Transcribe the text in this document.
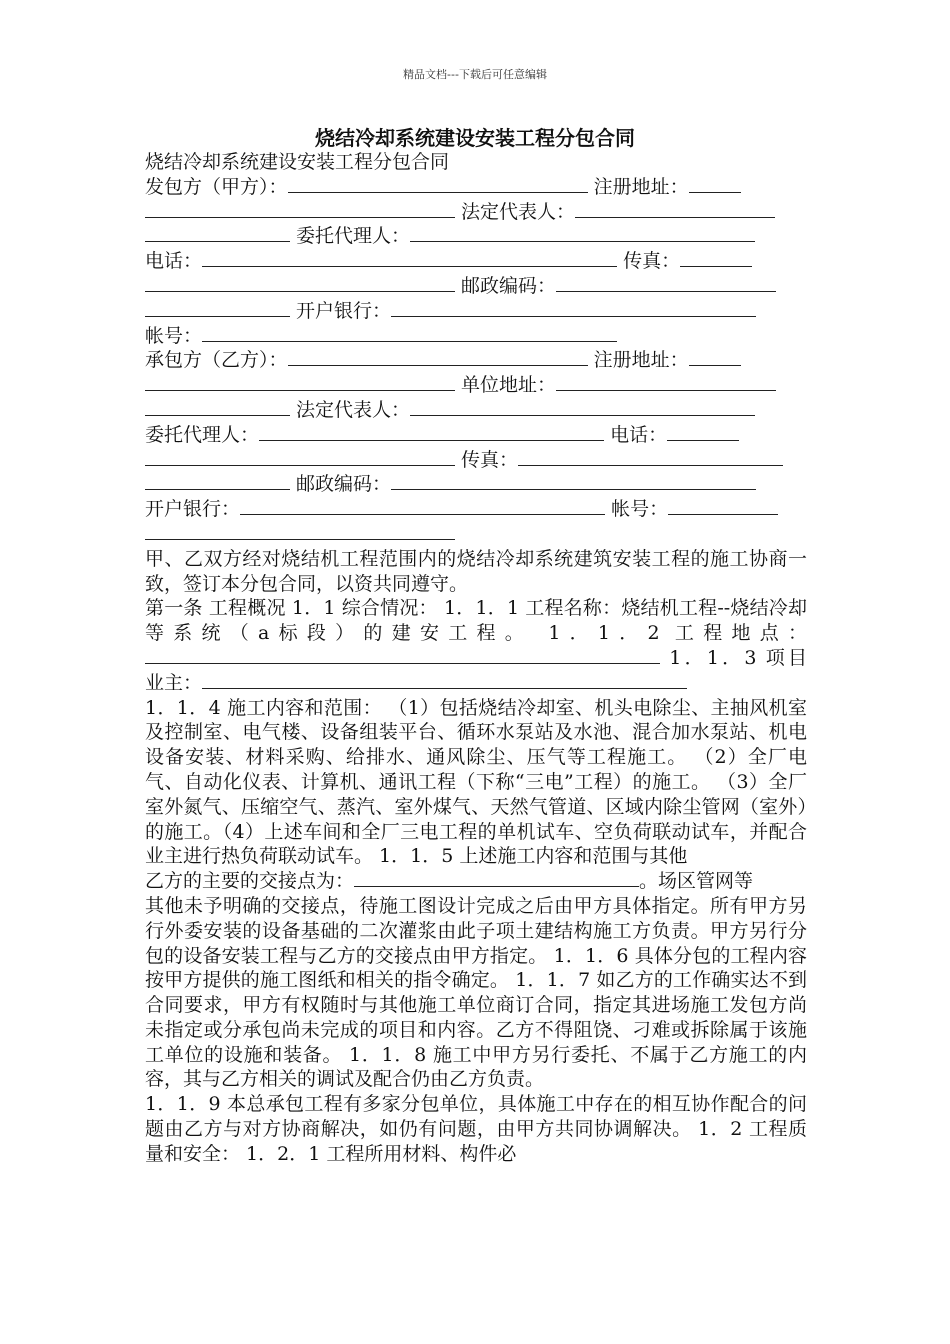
精品文档---下载后可任意编辑
烧结冷却系统建设安装工程分包合同
烧结冷却系统建设安装工程分包合同
发包方（甲方）：	注册地址：
法定代表人：
委托代理人：
电话：	传真：
邮政编码：
开户银行：
帐号：
承包方（乙方）：	注册地址：
单位地址：
法定代表人：
委托代理人：	电话：
传真：
邮政编码：
开户银行：	帐号：
甲、乙双方经对烧结机工程范围内的烧结冷却系统建筑安装工程的施工协商一致，签订本分包合同，以资共同遵守。
第一条 工程概况 1．1 综合情况： 1．1．1 工程名称：烧结机工程--烧结冷却等系统（a标段）的建安工程。 1．1．2 工程地点：  1．1．3 项目 业主：
1．1．4 施工内容和范围： （1）包括烧结冷却室、机头电除尘、主抽风机室及控制室、电气楼、设备组装平台、循环水泵站及水池、混合加水泵站、机电设备安装、材料采购、给排水、通风除尘、压气等工程施工。 （2）全厂电气、自动化仪表、计算机、通讯工程（下称“三电”工程）的施工。 （3）全厂室外氮气、压缩空气、蒸汽、室外煤气、天然气管道、区域内除尘管网（室外）的施工。（4）上述车间和全厂三电工程的单机试车、空负荷联动试车，并配合业主进行热负荷联动试车。 1．1．5 上述施工内容和范围与其他
乙方的主要的交接点为：	。场区管网等
其他未予明确的交接点，待施工图设计完成之后由甲方具体指定。所有甲方另行外委安装的设备基础的二次灌浆由此子项土建结构施工方负责。甲方另行分包的设备安装工程与乙方的交接点由甲方指定。 1．1．6 具体分包的工程内容按甲方提供的施工图纸和相关的指令确定。 1．1．7 如乙方的工作确实达不到合同要求，甲方有权随时与其他施工单位商订合同，指定其进场施工发包方尚未指定或分承包尚未完成的项目和内容。乙方不得阻饶、刁难或拆除属于该施工单位的设施和装备。 1．1．8 施工中甲方另行委托、不属于乙方施工的内容，其与乙方相关的调试及配合仍由乙方负责。
1．1．9 本总承包工程有多家分包单位，具体施工中存在的相互协作配合的问题由乙方与对方协商解决，如仍有问题，由甲方共同协调解决。 1．2 工程质量和安全： 1．2．1 工程所用材料、构件必
